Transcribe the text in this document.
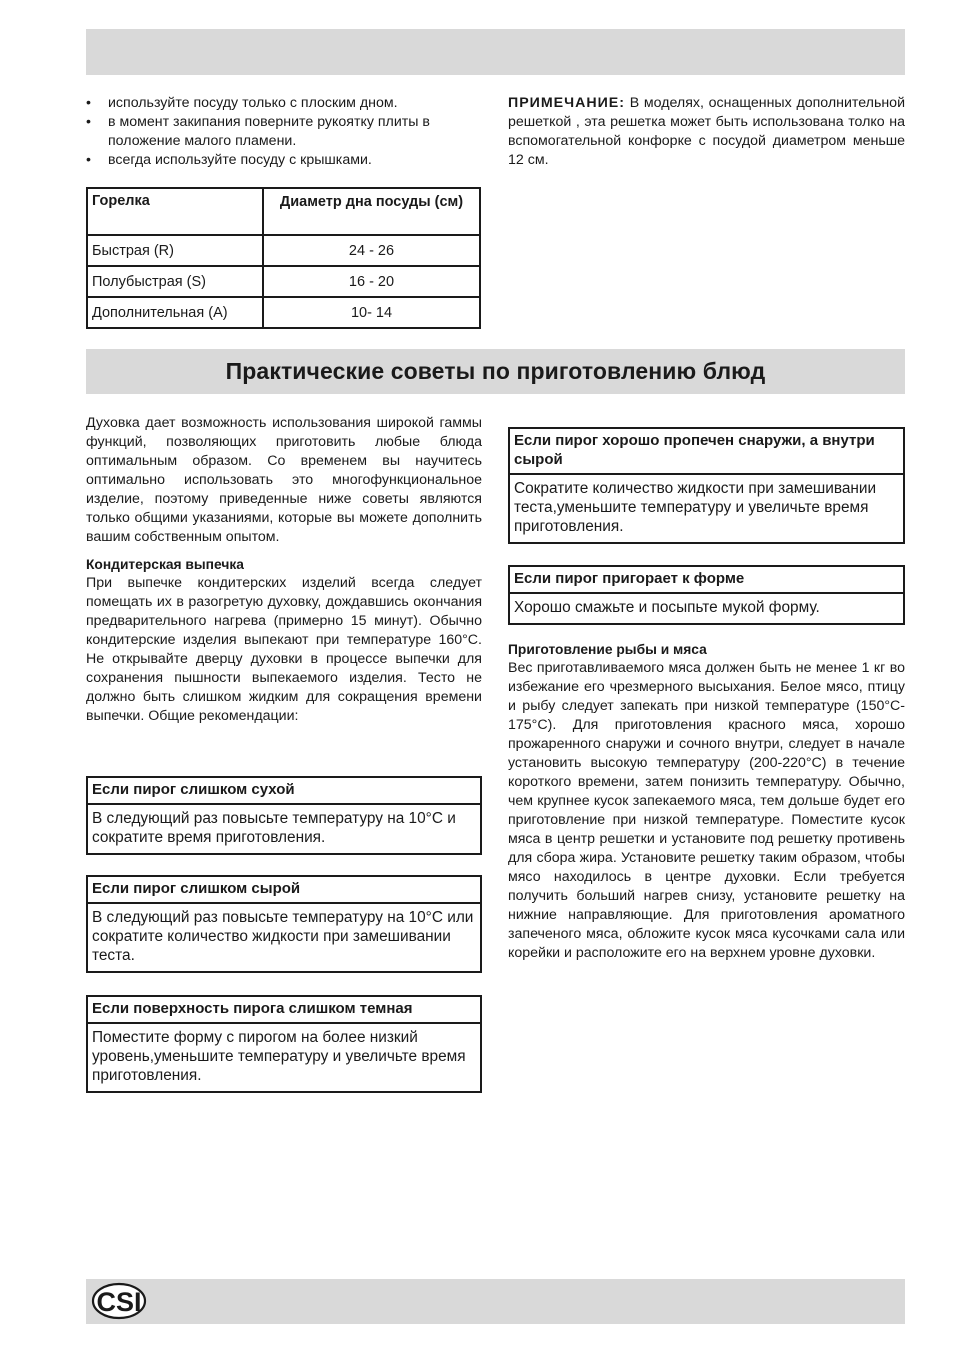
• используйте посуду только с плоским дном.
• в момент закипания поверните рукоятку плиты в положение малого пламени.
• всегда используйте посуду с крышками.

ПРИМЕЧАНИЕ: В моделях, оснащенных дополнительной решеткой , эта решетка может быть использована толко на вспомогательной конфорке с посудой диаметром меньше 12 см.

Горелка	Диаметр дна посуды (см)
Быстрая (R)	24 - 26
Полубыстрая (S)	16 - 20
Дополнительная (A)	10- 14
Практические советы по приготовлению блюд

Духовка дает возможность использования широкой гаммы функций, позволяющих приготовить любые блюда оптимальным образом. Со временем вы научитесь оптимально использовать это многофункциональное изделие, поэтому приведенные ниже советы являются только общими указаниями, которые вы можете дополнить вашим собственным опытом.

Кондитерская выпечка

При выпечке кондитерских изделий всегда следует помещать их в разогретую духовку, дождавшись окончания предварительного нагрева (примерно 15 минут). Обычно кондитерские изделия выпекают при температуре 160°C. Не открывайте дверцу духовки в процессе выпечки для сохранения пышности выпекаемого изделия. Тесто не должно быть слишком жидким для сокращения времени выпечки. Общие рекомендации:

Если пирог слишком сухой
В следующий раз повысьте температуру на 10°C и сократите время приготовления.
Если пирог слишком сырой
В следующий раз повысьте температуру на 10°C или сократите количество жидкости при замешивании теста.
Если поверхность пирога слишком темная
Поместите форму с пирогом на более низкий уровень,уменьшите температуру и увеличьте время приготовления.
Если пирог хорошо пропечен снаружи, а внутри сырой
Сократите количество жидкости при замешивании теста,уменьшите температуру и увеличьте время приготовления.
Если пирог пригорает к форме
Хорошо смажьте и посыпьте мукой форму.

Приготовление рыбы и мяса

Вес приготавливаемого мяса должен быть не менее 1 кг во избежание его чрезмерного высыхания. Белое мясо, птицу и рыбу следует запекать при низкой температуре (150°C-175°C). Для приготовления красного мяса, хорошо прожаренного снаружи и сочного внутри, следует в начале установить высокую температуру (200-220°C) в течение короткого времени, затем понизить температуру. Обычно, чем крупнее кусок запекаемого мяса, тем дольше будет его приготовление при низкой температуре. Поместите кусок мяса в центр решетки и установите под решетку противень для сбора жира. Установите решетку таким образом, чтобы мясо находилось в центре духовки. Если требуется получить больший нагрев снизу, установите решетку на нижние направляющие. Для приготовления ароматного запеченого мяса, обложите кусок мяса кусочками сала или корейки и расположите его на верхнем уровне духовки.

CSI
